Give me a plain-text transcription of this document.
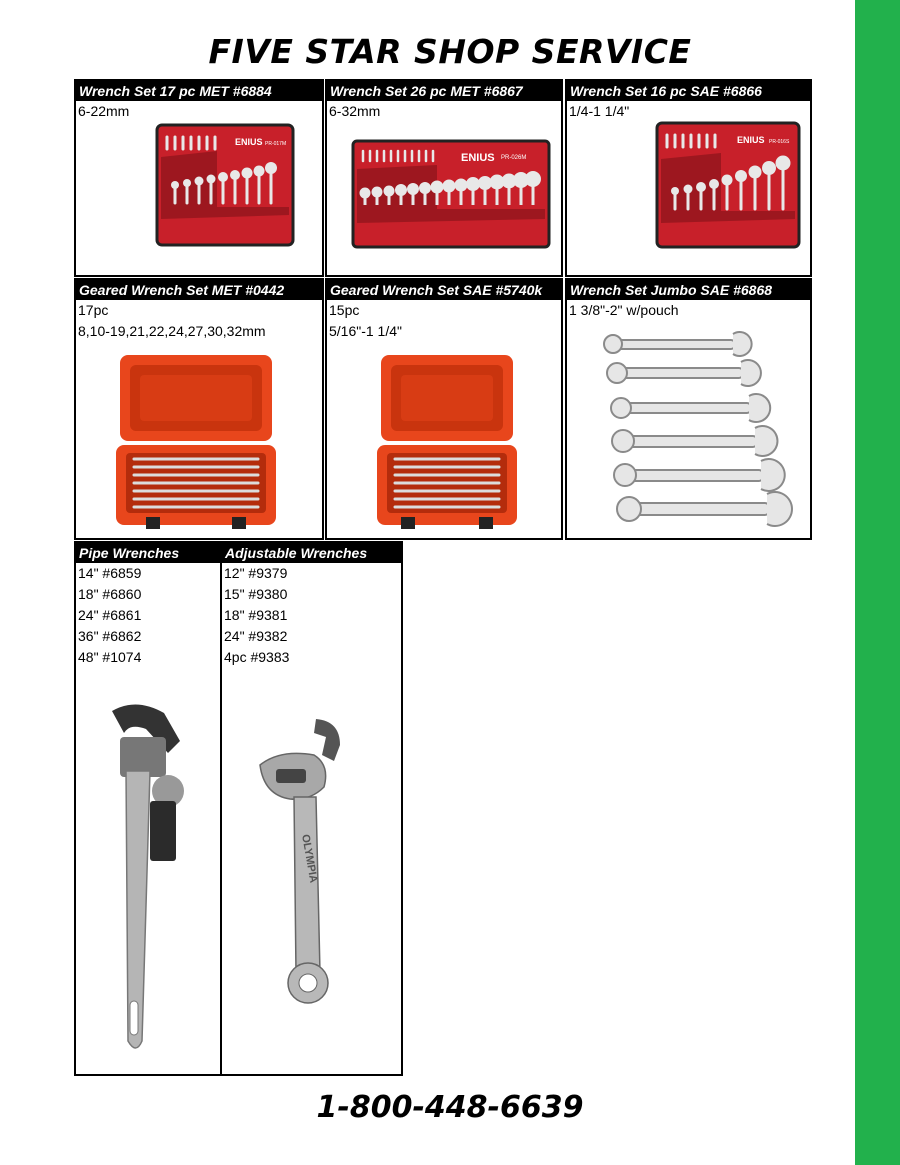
FIVE STAR SHOP SERVICE
Wrench Set 17 pc MET #6884
6-22mm
ENIUS PR-017M
Wrench Set 26 pc MET #6867
6-32mm
ENIUS PR-026M
Wrench Set 16 pc SAE #6866
1/4-1 1/4"
ENIUS PR-016S
Geared Wrench Set MET #0442
17pc
8,10-19,21,22,24,27,30,32mm
Geared Wrench Set SAE #5740k
15pc
5/16"-1 1/4"
Wrench Set Jumbo SAE #6868
1 3/8"-2" w/pouch
Pipe Wrenches
14" #6859
18" #6860
24" #6861
36" #6862
48" #1074
Adjustable Wrenches
12" #9379
15" #9380
18" #9381
24" #9382
4pc #9383
OLYMPIA
1-800-448-6639
